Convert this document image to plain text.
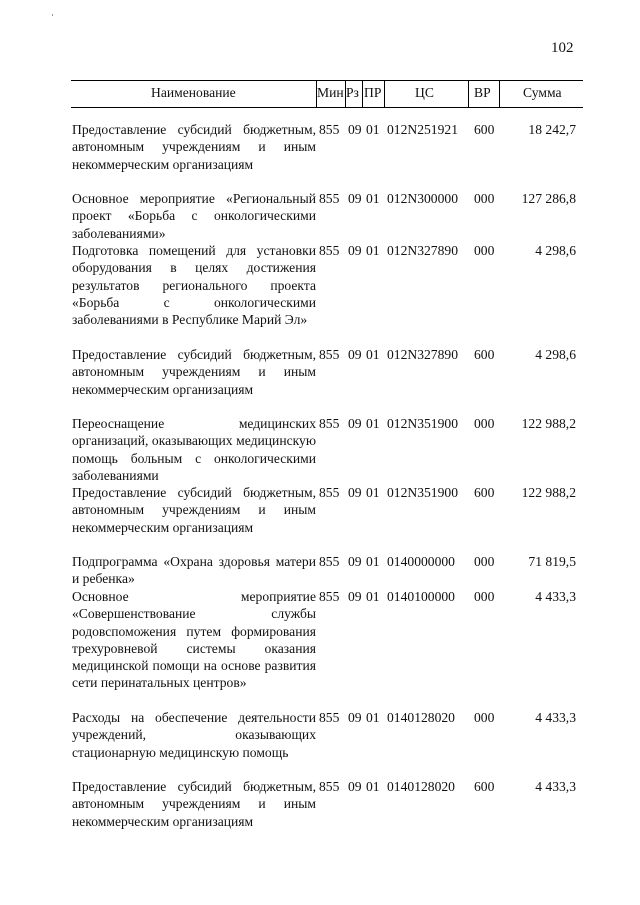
102
Наименование	Мин Рз ПР ЦС	ВР Сумма
Предоставление субсидий бюджетным, автономным учреждениям и иным некоммерческим организациям
855 09 01 012N251921 600	18 242,7
Основное мероприятие «Региональный проект «Борьба с онкологическими заболеваниями»
855 09 01 012N300000 000	127 286,8
Подготовка помещений для установки оборудования в целях достижения результатов регионального проекта «Борьба с онкологическими заболеваниями в Республике Марий Эл»
855 09 01 012N327890 000	4 298,6
Предоставление субсидий бюджетным, автономным учреждениям и иным некоммерческим организациям
855 09 01 012N327890 600	4 298,6
Переоснащение медицинских организаций, оказывающих медицинскую помощь больным с онкологическими заболеваниями
855 09 01 012N351900 000	122 988,2
Предоставление субсидий бюджетным, автономным учреждениям и иным некоммерческим организациям
855 09 01 012N351900 600	122 988,2
Подпрограмма «Охрана здоровья матери и ребенка»
855 09 01 0140000000 000	71 819,5
Основное мероприятие «Совершенствование службы родовспоможения путем формирования трехуровневой системы оказания медицинской помощи на основе развития сети перинатальных центров»
855 09 01 0140100000 000	4 433,3
Расходы на обеспечение деятельности учреждений, оказывающих стационарную медицинскую помощь
855 09 01 0140128020 000	4 433,3
Предоставление субсидий бюджетным, автономным учреждениям и иным некоммерческим организациям
855 09 01 0140128020 600	4 433,3
